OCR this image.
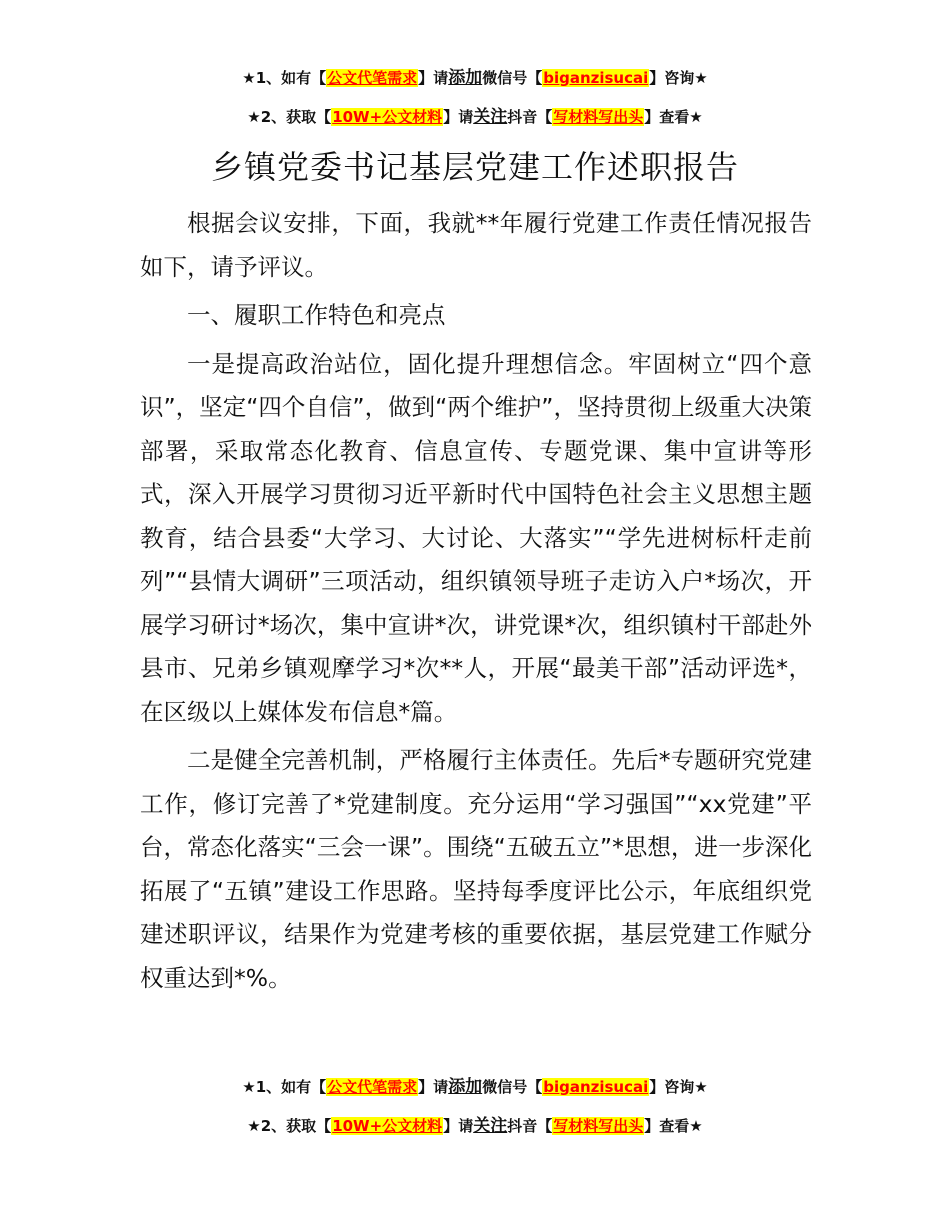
★1、如有【公文代笔需求】请添加微信号【biganzisucai】咨询★
★2、获取【10W+公文材料】请关注抖音【写材料写出头】查看★
乡镇党委书记基层党建工作述职报告

根据会议安排，下面，我就**年履行党建工作责任情况报告如下，请予评议。

一、履职工作特色和亮点

一是提高政治站位，固化提升理想信念。牢固树立“四个意识”，坚定“四个自信”，做到“两个维护”，坚持贯彻上级重大决策部署，采取常态化教育、信息宣传、专题党课、集中宣讲等形式，深入开展学习贯彻习近平新时代中国特色社会主义思想主题教育，结合县委“大学习、大讨论、大落实”“学先进树标杆走前列”“县情大调研”三项活动，组织镇领导班子走访入户*场次，开展学习研讨*场次，集中宣讲*次，讲党课*次，组织镇村干部赴外县市、兄弟乡镇观摩学习*次**人，开展“最美干部”活动评选*，在区级以上媒体发布信息*篇。

二是健全完善机制，严格履行主体责任。先后*专题研究党建工作，修订完善了*党建制度。充分运用“学习强国”“xx党建”平台，常态化落实“三会一课”。围绕“五破五立”*思想，进一步深化拓展了“五镇”建设工作思路。坚持每季度评比公示，年底组织党建述职评议，结果作为党建考核的重要依据，基层党建工作赋分权重达到*%。

★1、如有【公文代笔需求】请添加微信号【biganzisucai】咨询★
★2、获取【10W+公文材料】请关注抖音【写材料写出头】查看★
